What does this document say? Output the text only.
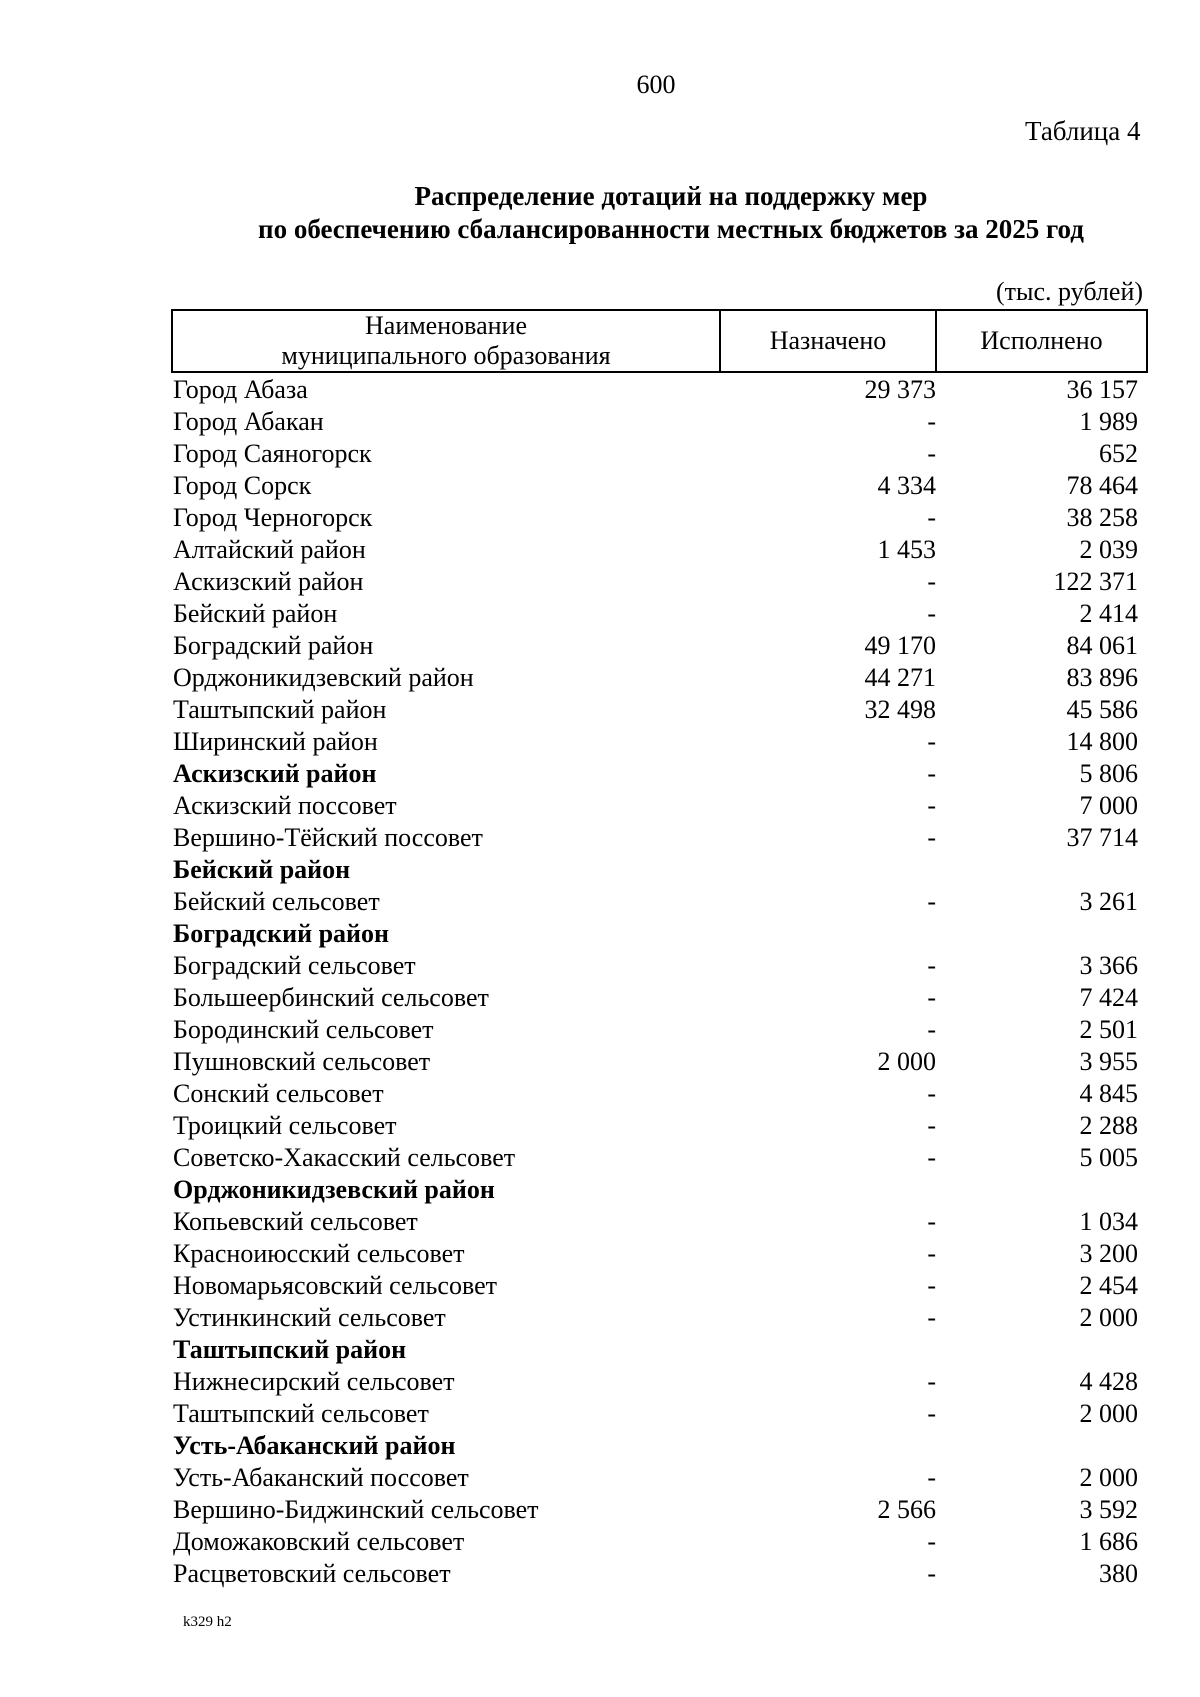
600
Таблица 4
Распределение дотаций на поддержку мер
по обеспечению сбалансированности местных бюджетов за 2025 год
(тыс. рублей)
Наименование
муниципального образования
Назначено	Исполнено
Город Абаза	29 373	36 157
Город Абакан	-	1 989
Город Саяногорск	-	652
Город Сорск	4 334	78 464
Город Черногорск	-	38 258
Алтайский район	1 453	2 039
Аскизский район	-	122 371
Бейский район	-	2 414
Боградский район	49 170	84 061
Орджоникидзевский район	44 271	83 896
Таштыпский район	32 498	45 586
Ширинский район	-	14 800
Аскизский район	-	5 806
Аскизский поссовет	-	7 000
Вершино-Тёйский поссовет	-	37 714
Бейский район
Бейский сельсовет	-	3 261
Боградский район
Боградский сельсовет	-	3 366
Большеербинский сельсовет	-	7 424
Бородинский сельсовет	-	2 501
Пушновский сельсовет	2 000	3 955
Сонский сельсовет	-	4 845
Троицкий сельсовет	-	2 288
Советско-Хакасский сельсовет	-	5 005
Орджоникидзевский район
Копьевский сельсовет	-	1 034
Красноиюсский сельсовет	-	3 200
Новомарьясовский сельсовет	-	2 454
Устинкинский сельсовет	-	2 000
Таштыпский район
Нижнесирский сельсовет	-	4 428
Таштыпский сельсовет	-	2 000
Усть-Абаканский район
Усть-Абаканский поссовет	-	2 000
Вершино-Биджинский сельсовет	2 566	3 592
Доможаковский сельсовет	-	1 686
Расцветовский сельсовет	-	380
k329 h2
